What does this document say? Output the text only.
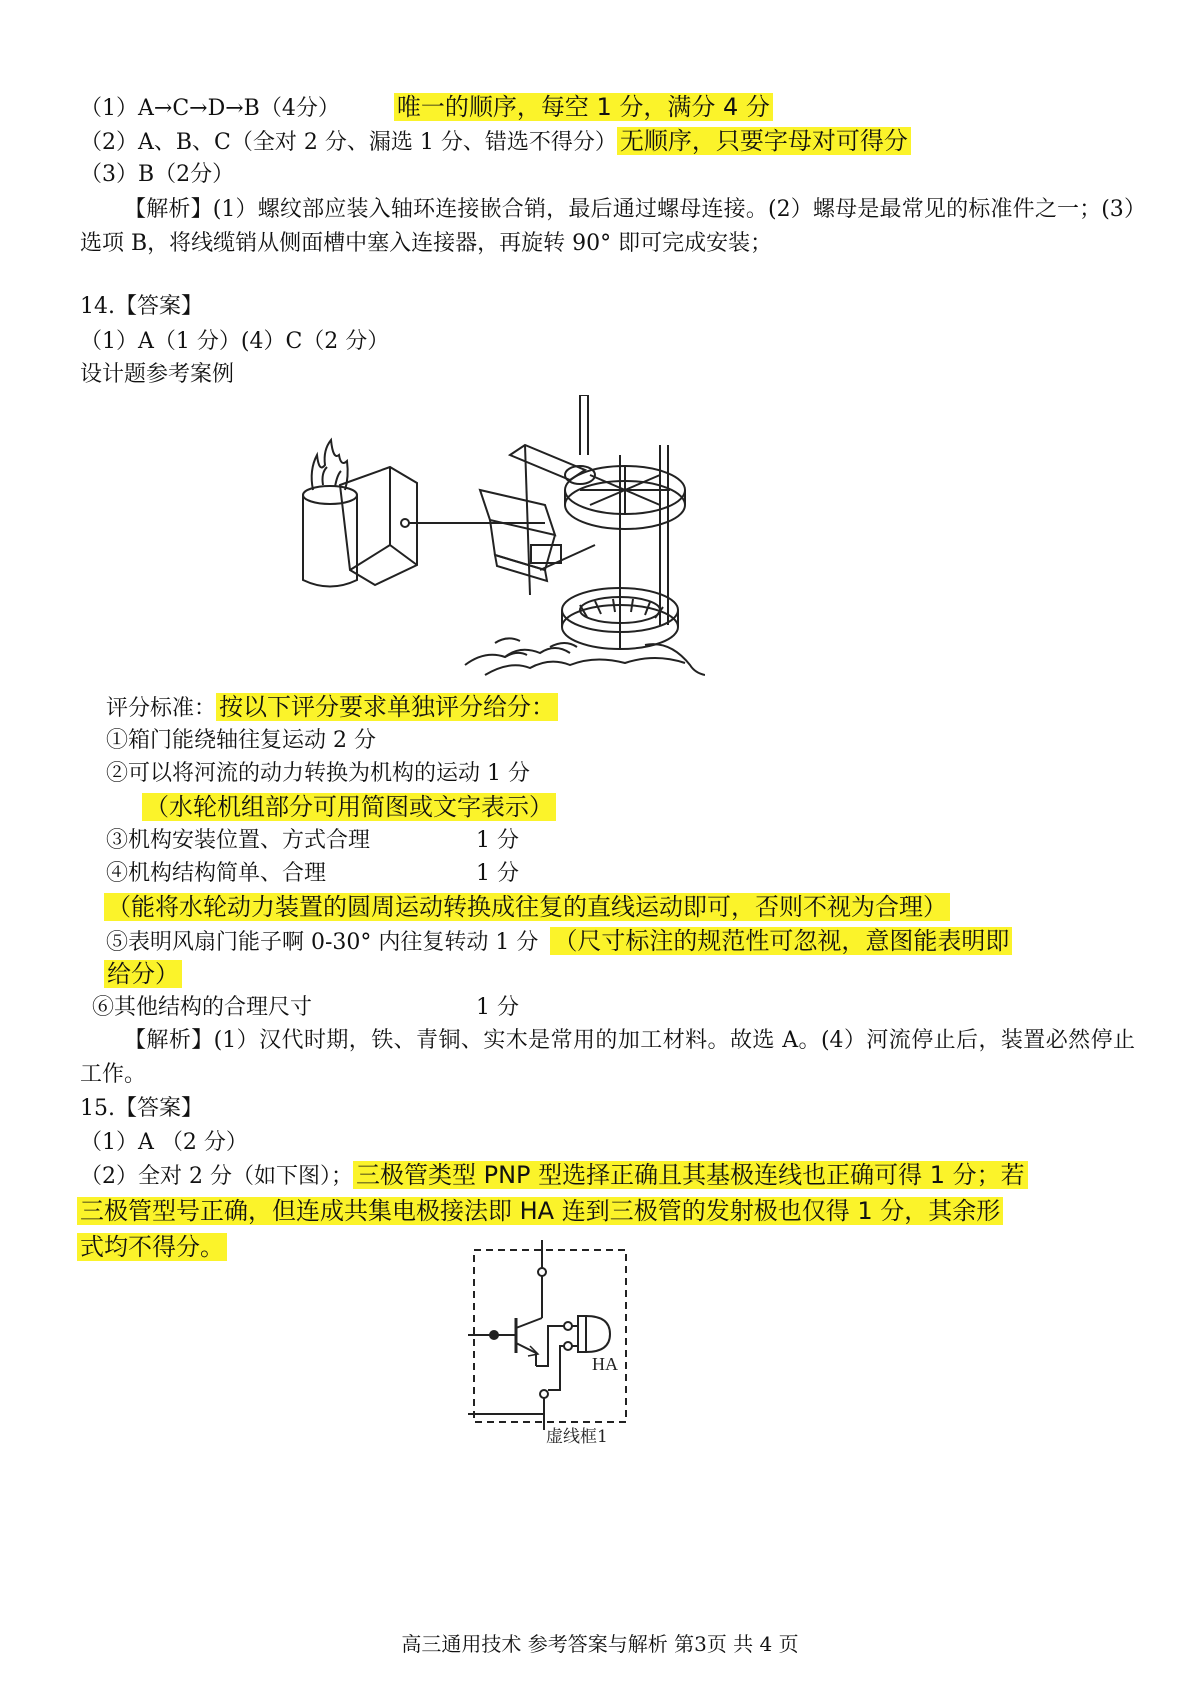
（1）A→C→D→B（4分） 唯一的顺序，每空 1 分，满分 4 分
（2）A、B、C（全对 2 分、漏选 1 分、错选不得分） 无顺序，只要字母对可得分
（3）B（2分）
【解析】(1）螺纹部应装入轴环连接嵌合销，最后通过螺母连接。(2）螺母是最常见的标准件之一；(3）选项 B，将线缆销从侧面槽中塞入连接器，再旋转 90° 即可完成安装；
14.【答案】
（1）A（1 分）(4）C（2 分）
设计题参考案例
评分标准： 按以下评分要求单独评分给分：
①箱门能绕轴往复运动 2 分
②可以将河流的动力转换为机构的运动 1 分
（水轮机组部分可用简图或文字表示）
③机构安装位置、方式合理	1 分
④机构结构简单、合理	1 分
（能将水轮动力装置的圆周运动转换成往复的直线运动即可，否则不视为合理）
⑤表明风扇门能子啊 0-30° 内往复转动 1 分 （尺寸标注的规范性可忽视，意图能表明即
给分）
⑥其他结构的合理尺寸	1 分
【解析】(1）汉代时期，铁、青铜、实木是常用的加工材料。故选 A。(4）河流停止后，装置必然停止工作。
15.【答案】
（1）A （2 分）
（2）全对 2 分（如下图）； 三极管类型 PNP 型选择正确且其基极连线也正确可得 1 分；若
三极管型号正确，但连成共集电极接法即 HA 连到三极管的发射极也仅得 1 分，其余形
式均不得分。
HA
虚线框1
高三通用技术 参考答案与解析 第3页 共 4 页
